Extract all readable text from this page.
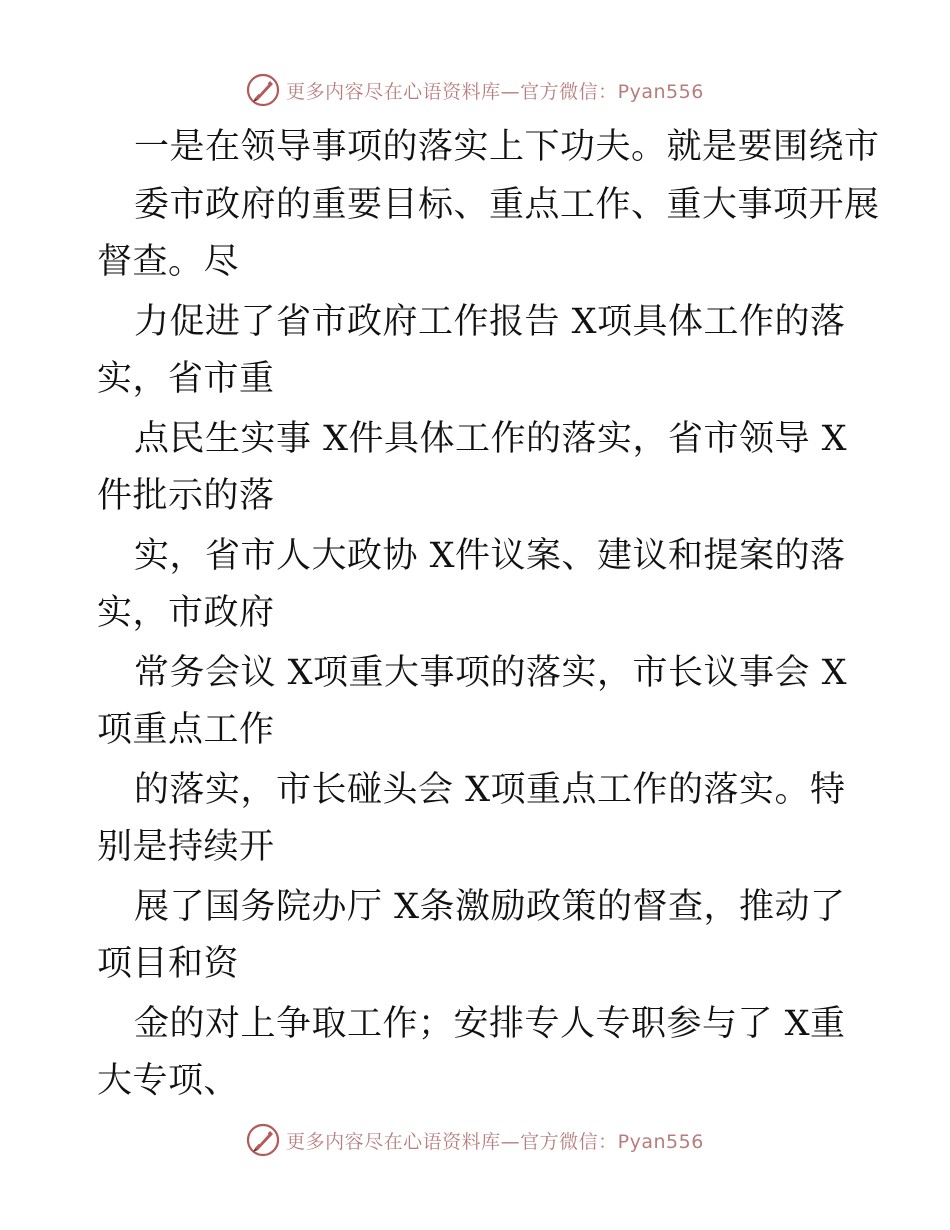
更多内容尽在心语资料库—官方微信：Pyan556
一是在领导事项的落实上下功夫。就是要围绕市
委市政府的重要目标、重点工作、重大事项开展
督查。尽
力促进了省市政府工作报告 X项具体工作的落
实，省市重
点民生实事 X件具体工作的落实，省市领导 X
件批示的落
实，省市人大政协 X件议案、建议和提案的落
实，市政府
常务会议 X项重大事项的落实，市长议事会 X
项重点工作
的落实，市长碰头会 X项重点工作的落实。特
别是持续开
展了国务院办厅 X条激励政策的督查，推动了
项目和资
金的对上争取工作；安排专人专职参与了 X重
大专项、
更多内容尽在心语资料库—官方微信：Pyan556
